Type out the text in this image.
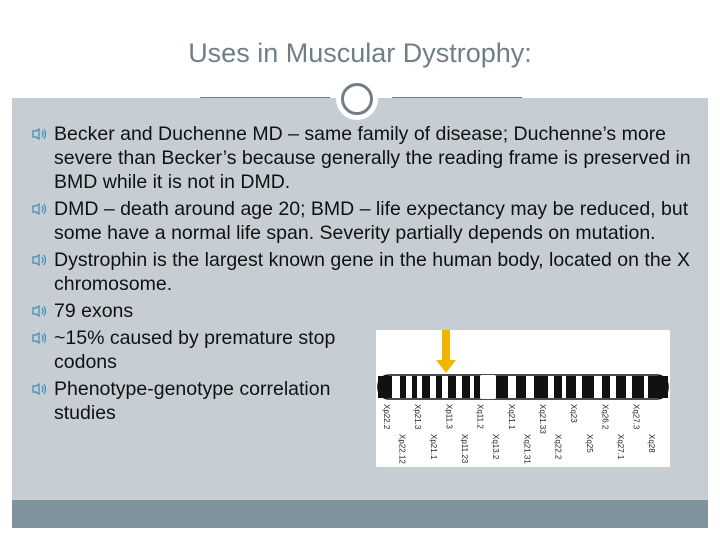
Uses in Muscular Dystrophy:
Becker and Duchenne MD – same family of disease; Duchenne’s more severe than Becker’s because generally the reading frame is preserved in BMD while it is not in DMD.
DMD – death around age 20; BMD – life expectancy may be reduced, but some have a normal life span. Severity partially depends on mutation.
Dystrophin is the largest known gene in the human body, located on the X chromosome.
79 exons
~15% caused by premature stop codons
Phenotype-genotype correlation studies	Xp22.2
Xp22.12
Xp21.3
Xp21.1
Xp11.3
Xp11.23
Xq11.2
Xq13.2
Xq21.1
Xq21.31
Xq21.33
Xq22.2
Xq23
Xq25
Xq26.2
Xq27.1
Xq27.3
Xq28
